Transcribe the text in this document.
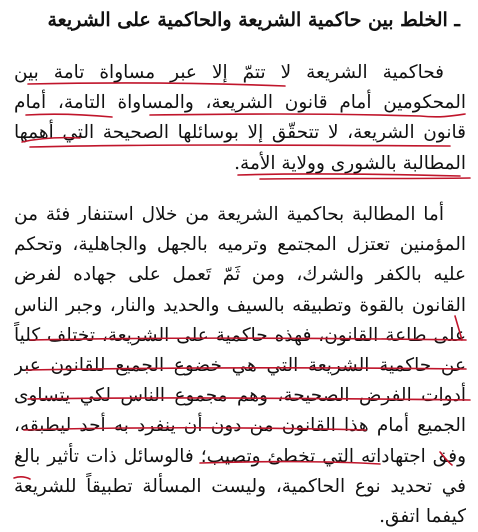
ـ الخلط بين حاكمية الشريعة والحاكمية على الشريعة
فحاكمية الشريعة لا تتمّ إلا عبر مساواة تامة بين
المحكومين أمام قانون الشريعة، والمساواة التامة، أمام
قانون الشريعة، لا تتحقّق إلا بوسائلها الصحيحة التي أهمها
المطالبة بالشورى وولاية الأمة.
أما المطالبة بحاكمية الشريعة من خلال استنفار فئة من
المؤمنين تعتزل المجتمع وترميه بالجهل والجاهلية، وتحكم
عليه بالكفر والشرك، ومن ثَمّ تَعمل على جهاده لفرض
القانون بالقوة وتطبيقه بالسيف والحديد والنار، وجبر الناس
على طاعة القانون، فهذه حاكمية على الشريعة، تختلف كلياً
عن حاكمية الشريعة التي هي خضوع الجميع للقانون عبر
أدوات الفرض الصحيحة، وهم مجموع الناس لكي يتساوى
الجميع أمام هذا القانون من دون أن ينفرد به أحد ليطبقه،
وفق اجتهاداته التي تخطئ وتصيب؛ فالوسائل ذات تأثير بالغ
في تحديد نوع الحاكمية، وليست المسألة تطبيقاً للشريعة
كيفما اتفق.
